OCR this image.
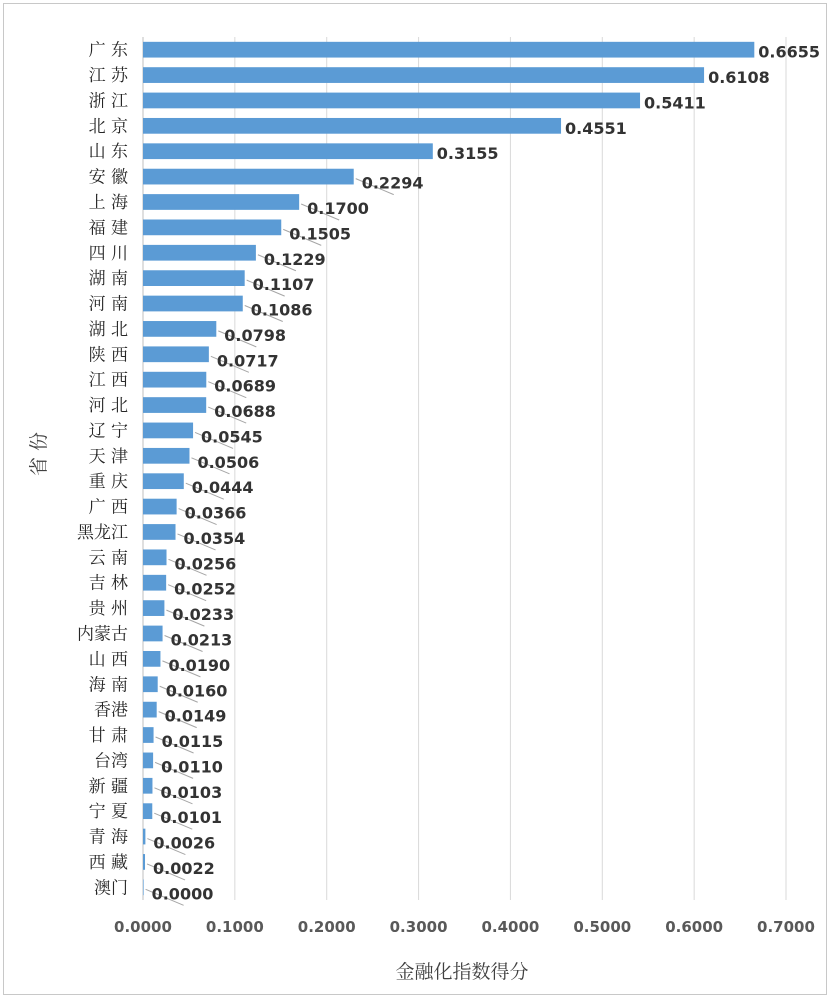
0.6655
0.6108
0.5411
0.4551
0.3155
0.2294
0.1700
0.1505
0.1229
0.1107
0.1086
0.0798
0.0717
0.0689
0.0688
0.0545
0.0506
0.0444
0.0366
0.0354
0.0256
0.0252
0.0233
0.0213
0.0190
0.0160
0.0149
0.0115
0.0110
0.0103
0.0101
0.0026
0.0022
0.0000
广 东
江 苏
浙 江
北 京
山 东
安 徽
上 海
福 建
四 川
湖 南
河 南
湖 北
陕 西
江 西
河 北
辽 宁
天 津
重 庆
广 西
黑龙江
云 南
吉 林
贵 州
内蒙古
山 西
海 南
香港
甘 肃
台湾
新 疆
宁 夏
青 海
西 藏
澳门
0.0000 0.1000 0.2000 0.3000 0.4000 0.5000 0.6000 0.7000
金融化指数得分
省 份
